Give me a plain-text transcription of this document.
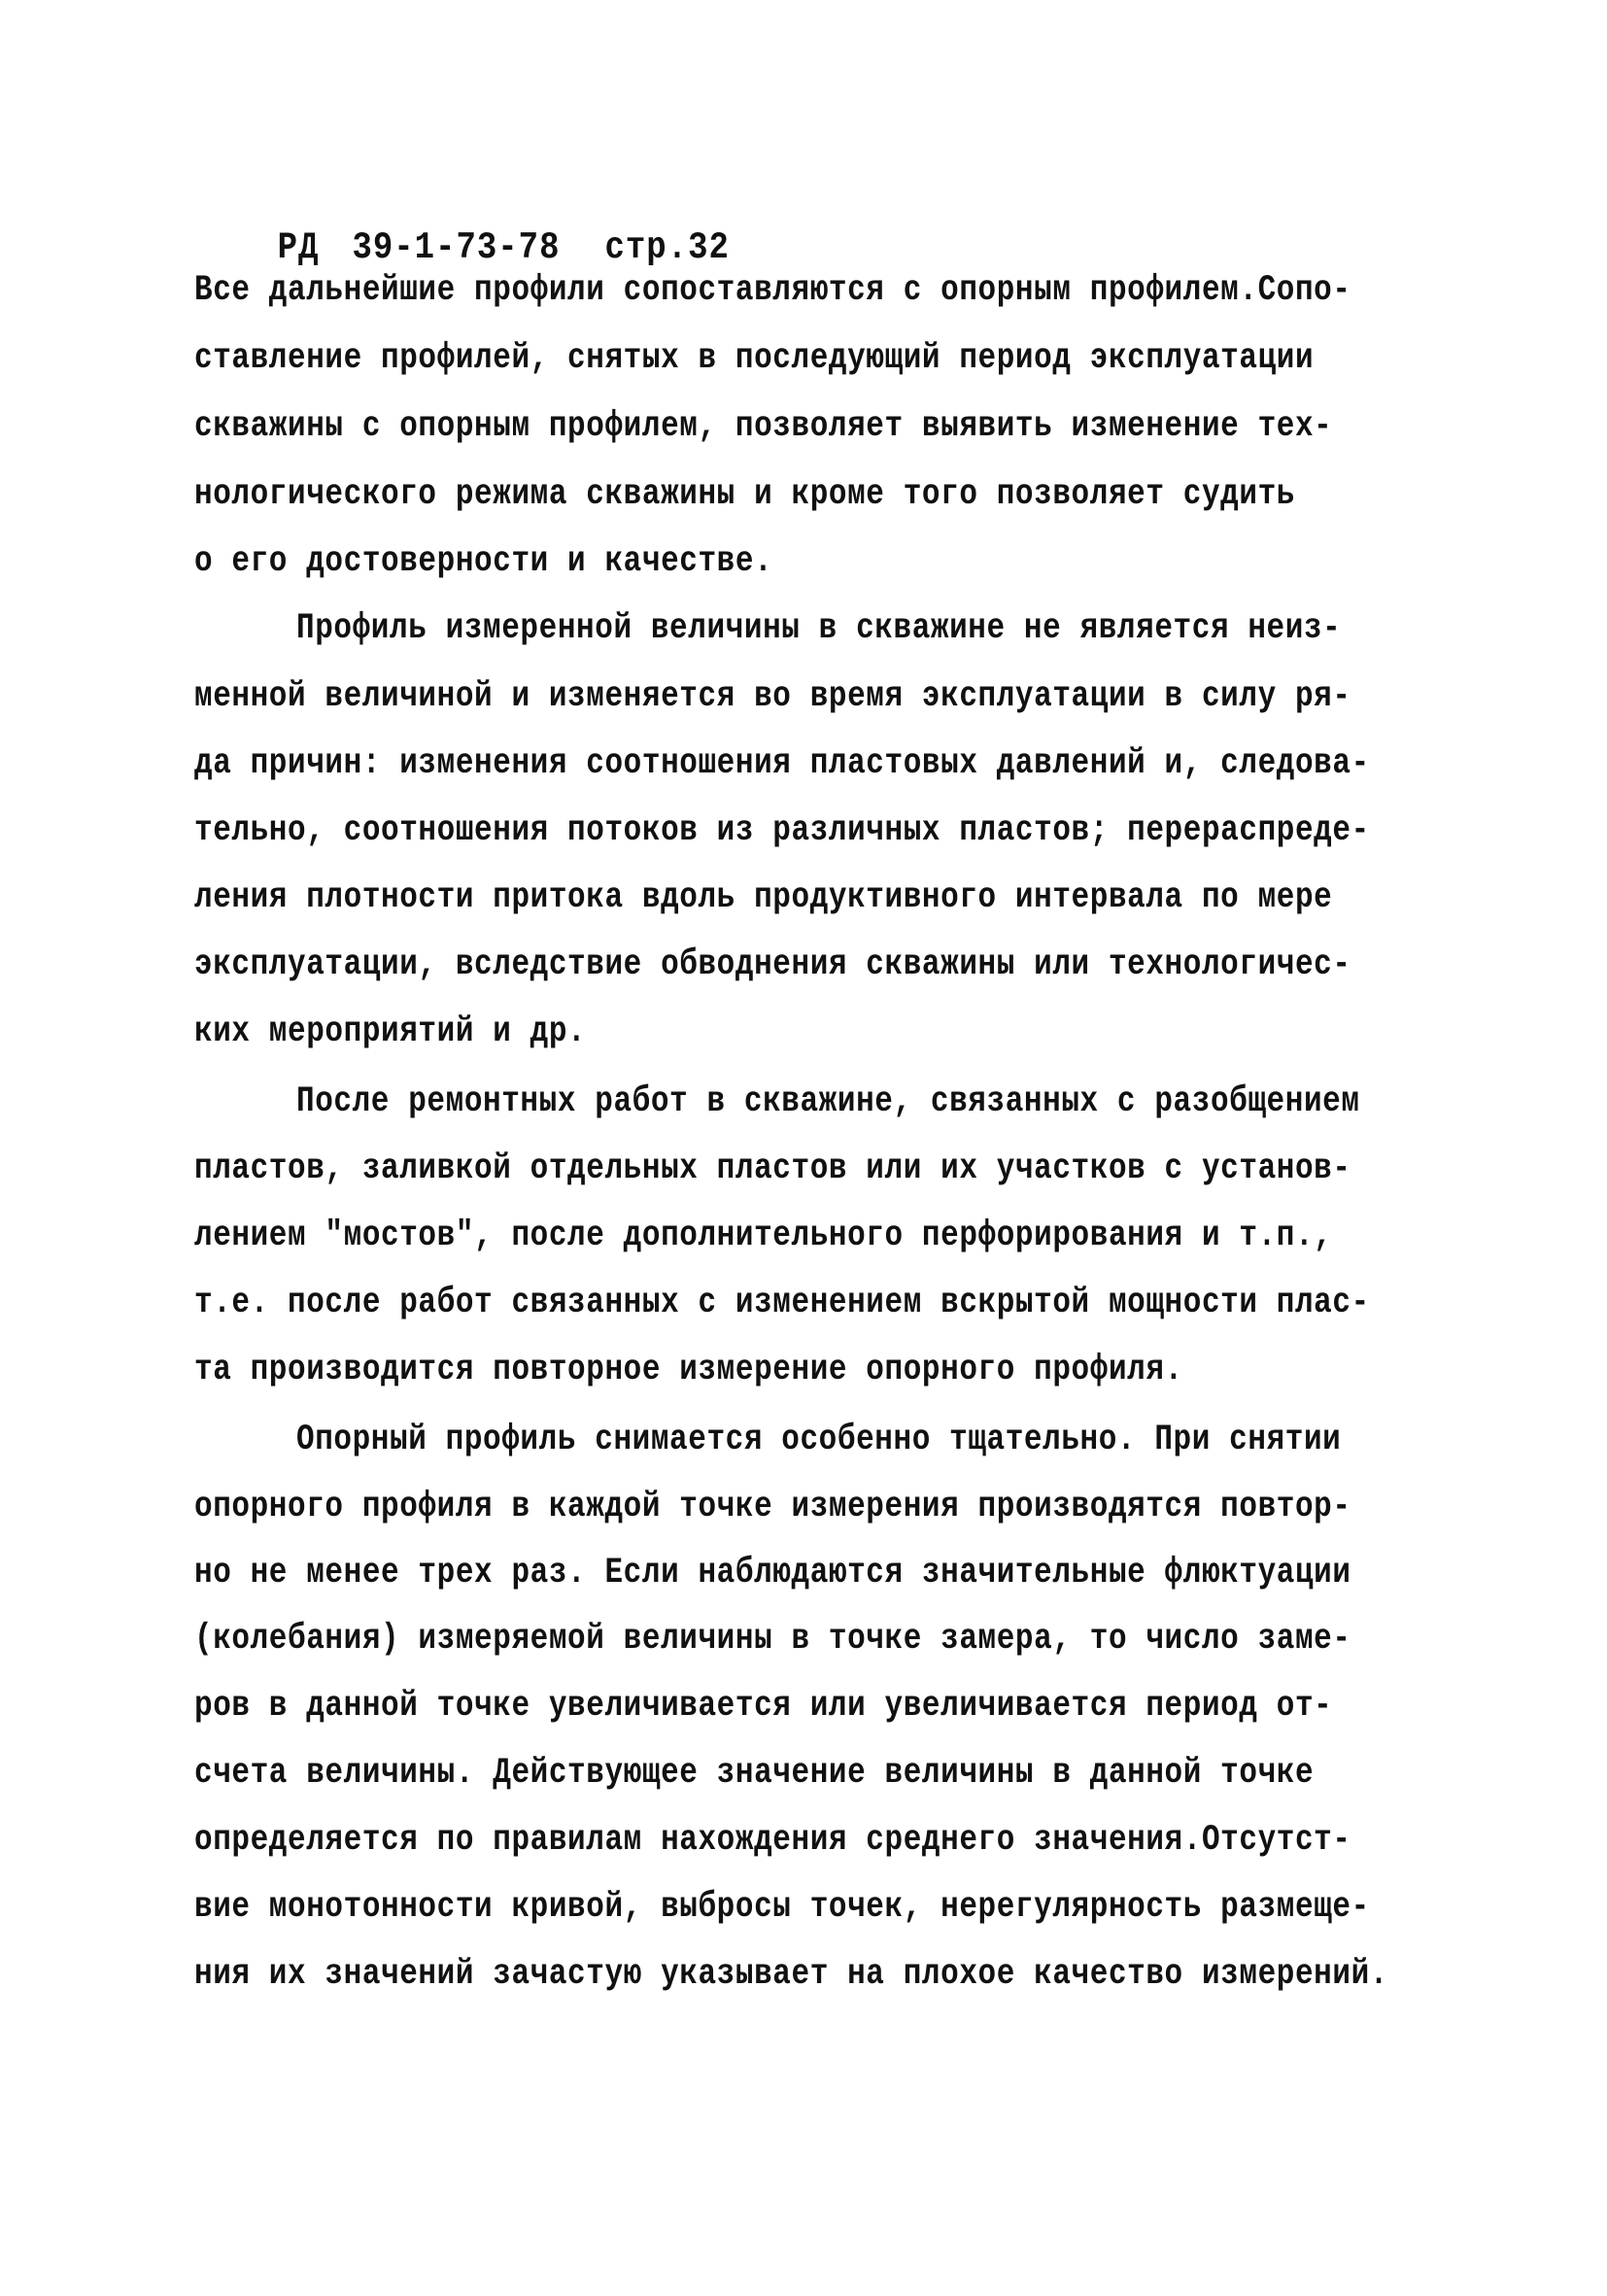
РД 39-1-73-78 стр.32

Все дальнейшие профили сопоставляются с опорным профилем.Сопо-
ставление профилей, снятых в последующий период эксплуатации
скважины с опорным профилем, позволяет выявить изменение тех-
нологического режима скважины и кроме того позволяет судить
о его достоверности и качестве.
Профиль измеренной величины в скважине не является неиз-
менной величиной и изменяется во время эксплуатации в силу ря-
да причин: изменения соотношения пластовых давлений и, следова-
тельно, соотношения потоков из различных пластов; перераспреде-
ления плотности притока вдоль продуктивного интервала по мере
эксплуатации, вследствие обводнения скважины или технологичес-
ких мероприятий и др.
После ремонтных работ в скважине, связанных с разобщением
пластов, заливкой отдельных пластов или их участков с установ-
лением "мостов", после дополнительного перфорирования и т.п.,
т.е. после работ связанных с изменением вскрытой мощности плас-
та производится повторное измерение опорного профиля.
Опорный профиль снимается особенно тщательно. При снятии
опорного профиля в каждой точке измерения производятся повтор-
но не менее трех раз. Если наблюдаются значительные флюктуации
(колебания) измеряемой величины в точке замера, то число заме-
ров в данной точке увеличивается или увеличивается период от-
счета величины. Действующее значение величины в данной точке
определяется по правилам нахождения среднего значения.Отсутст-
вие монотонности кривой, выбросы точек, нерегулярность размеще-
ния их значений зачастую указывает на плохое качество измерений.
